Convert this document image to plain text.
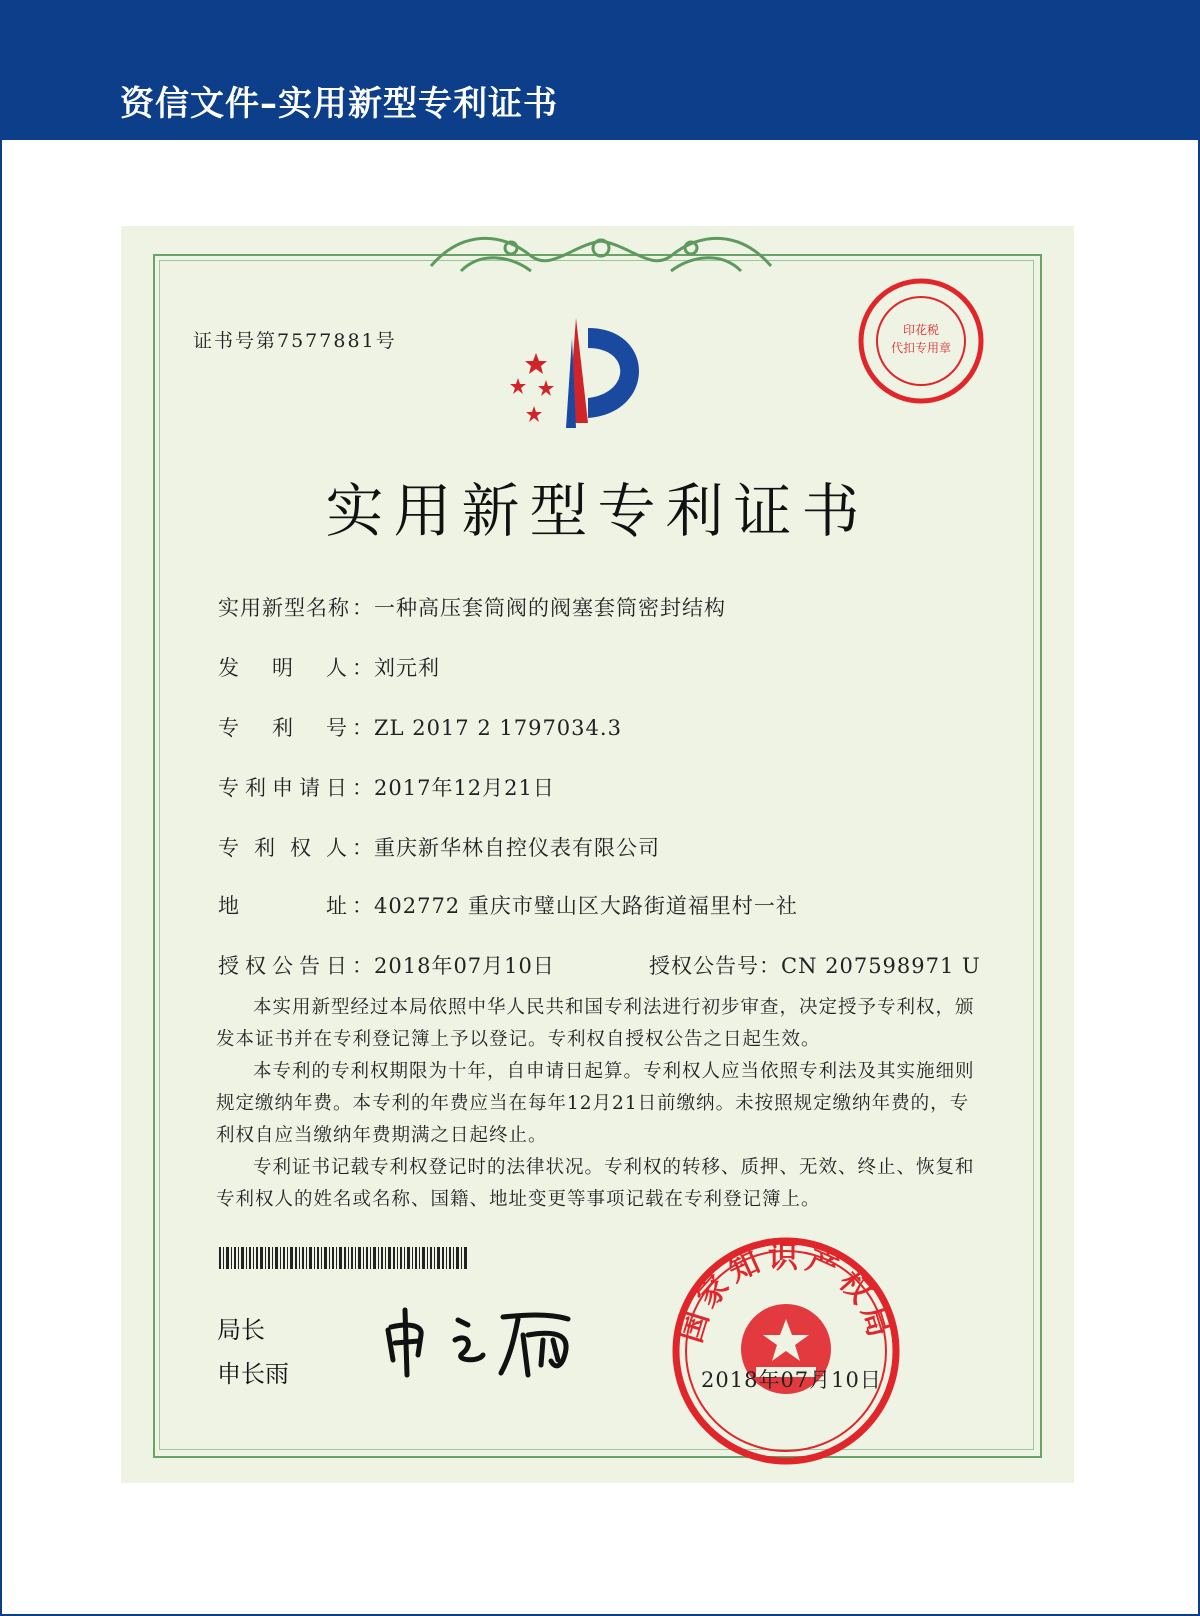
资信文件–实用新型专利证书
证书号第7577881号	印花税
代扣专用章
实用新型专利证书
实用新型名称：一种高压套筒阀的阀塞套筒密封结构
发明人 ：刘元利
专利号 ：ZL 2017 2 1797034.3
专利申请日 ：2017年12月21日
专利权人 ：重庆新华林自控仪表有限公司
地址 ：402772 重庆市璧山区大路街道福里村一社
授权公告日 ：2018年07月10日	授权公告号：CN 207598971 U

本实用新型经过本局依照中华人民共和国专利法进行初步审查，决定授予专利权，颁发本证书并在专利登记簿上予以登记。专利权自授权公告之日起生效。

本专利的专利权期限为十年，自申请日起算。专利权人应当依照专利法及其实施细则规定缴纳年费。本专利的年费应当在每年12月21日前缴纳。未按照规定缴纳年费的，专利权自应当缴纳年费期满之日起终止。

专利证书记载专利权登记时的法律状况。专利权的转移、质押、无效、终止、恢复和专利权人的姓名或名称、国籍、地址变更等事项记载在专利登记簿上。

局长
申长雨
国家知识产权局
2018年07月10日
